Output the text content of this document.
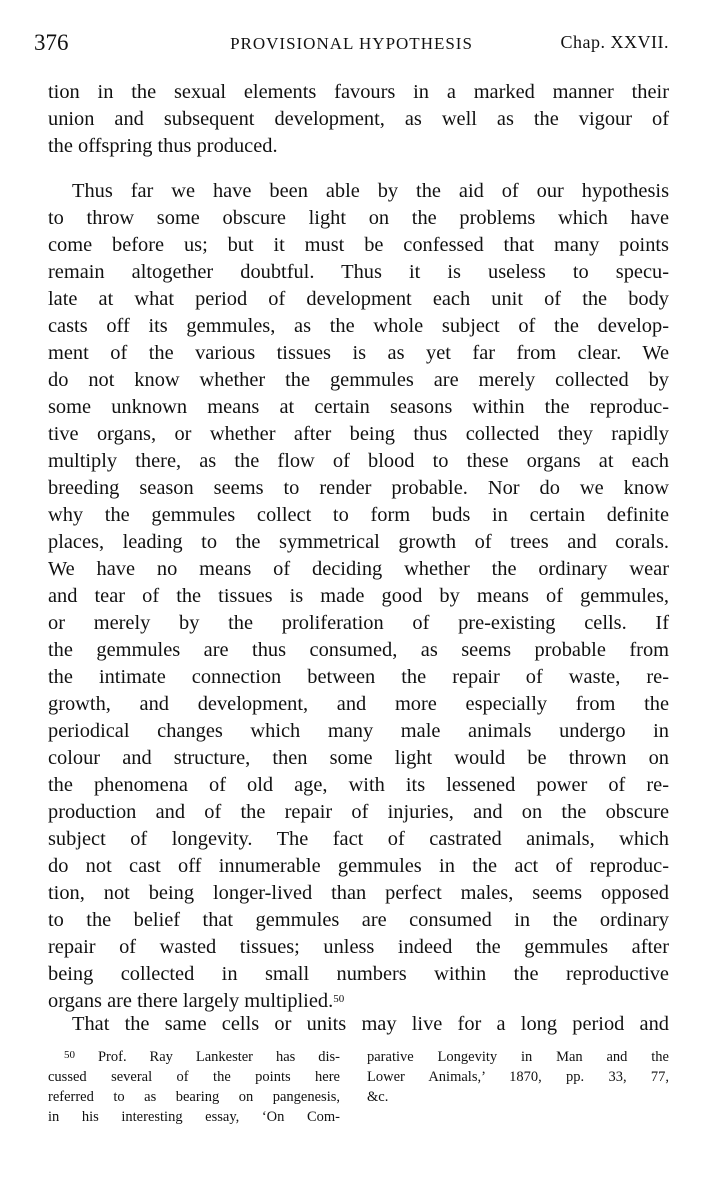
376	PROVISIONAL HYPOTHESIS	Chap. XXVII.
tion in the sexual elements favours in a marked manner their
union and subsequent development, as well as the vigour of
the offspring thus produced.
Thus far we have been able by the aid of our hypothesis
to throw some obscure light on the problems which have
come before us; but it must be confessed that many points
remain altogether doubtful. Thus it is useless to specu-
late at what period of development each unit of the body
casts off its gemmules, as the whole subject of the develop-
ment of the various tissues is as yet far from clear. We
do not know whether the gemmules are merely collected by
some unknown means at certain seasons within the reproduc-
tive organs, or whether after being thus collected they rapidly
multiply there, as the flow of blood to these organs at each
breeding season seems to render probable. Nor do we know
why the gemmules collect to form buds in certain definite
places, leading to the symmetrical growth of trees and corals.
We have no means of deciding whether the ordinary wear
and tear of the tissues is made good by means of gemmules,
or merely by the proliferation of pre-existing cells. If
the gemmules are thus consumed, as seems probable from
the intimate connection between the repair of waste, re-
growth, and development, and more especially from the
periodical changes which many male animals undergo in
colour and structure, then some light would be thrown on
the phenomena of old age, with its lessened power of re-
production and of the repair of injuries, and on the obscure
subject of longevity. The fact of castrated animals, which
do not cast off innumerable gemmules in the act of reproduc-
tion, not being longer-lived than perfect males, seems opposed
to the belief that gemmules are consumed in the ordinary
repair of wasted tissues; unless indeed the gemmules after
being collected in small numbers within the reproductive
organs are there largely multiplied.$^{50}$
That the same cells or units may live for a long period and
$^{50}$ Prof. Ray Lankester has dis-
cussed several of the points here
referred to as bearing on pangenesis,
in his interesting essay, ‘On Com-
parative Longevity in Man and the
Lower Animals,’ 1870, pp. 33, 77,
&c.
